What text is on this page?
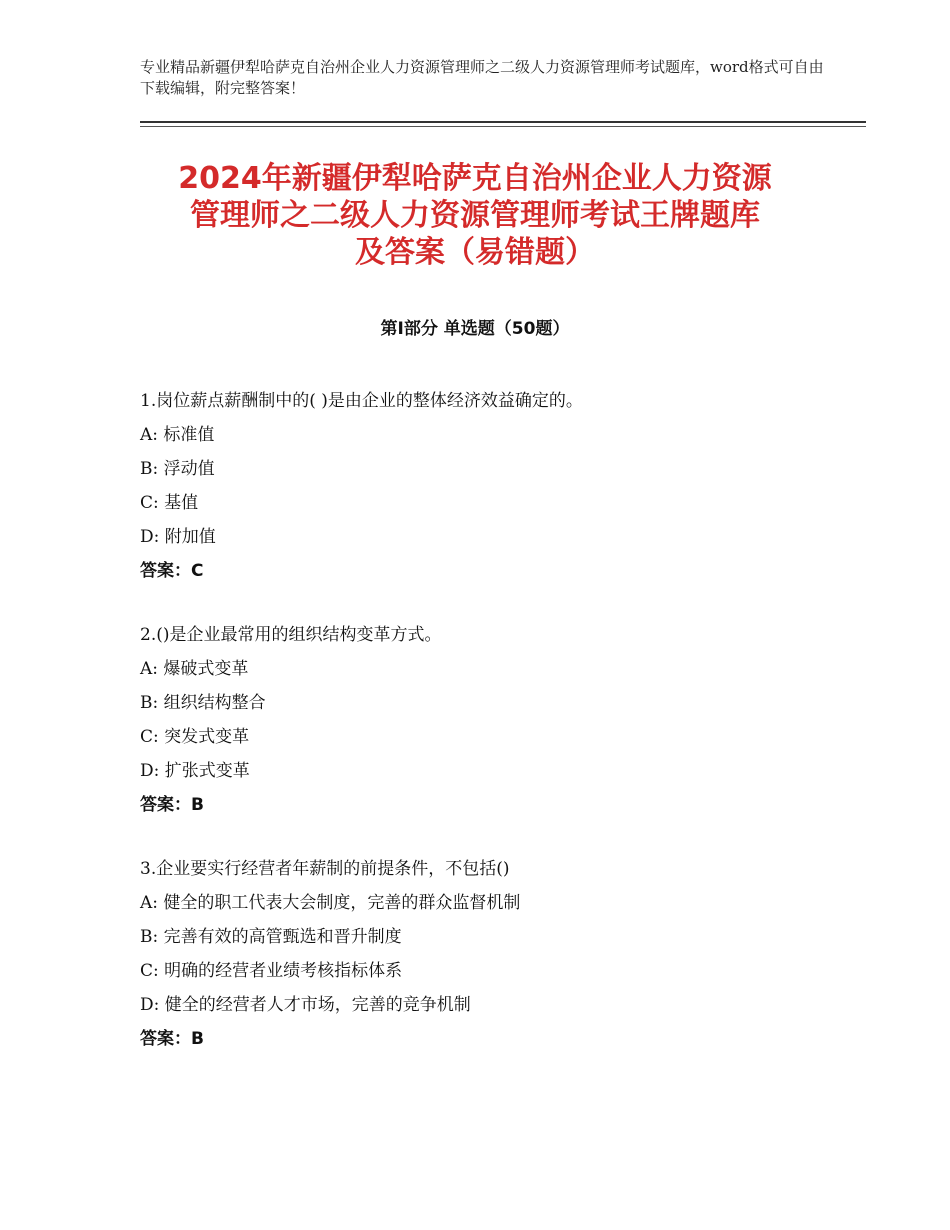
专业精品新疆伊犁哈萨克自治州企业人力资源管理师之二级人力资源管理师考试题库，word格式可自由下载编辑，附完整答案！
2024年新疆伊犁哈萨克自治州企业人力资源
管理师之二级人力资源管理师考试王牌题库
及答案（易错题）
第Ⅰ部分 单选题（50题）
1.岗位薪点薪酬制中的( )是由企业的整体经济效益确定的。
A: 标准值
B: 浮动值
C: 基值
D: 附加值
答案：C
2.()是企业最常用的组织结构变革方式。
A: 爆破式变革
B: 组织结构整合
C: 突发式变革
D: 扩张式变革
答案：B
3.企业要实行经营者年薪制的前提条件，不包括()
A: 健全的职工代表大会制度，完善的群众监督机制
B: 完善有效的高管甄选和晋升制度
C: 明确的经营者业绩考核指标体系
D: 健全的经营者人才市场，完善的竞争机制
答案：B
